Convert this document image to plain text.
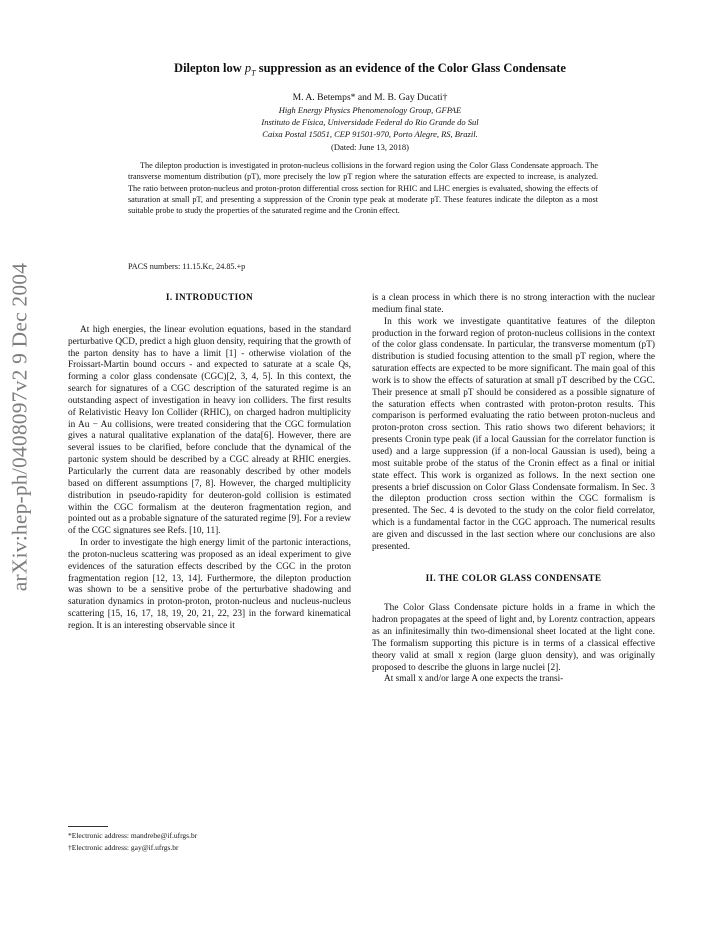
arXiv:hep-ph/0408097v2 9 Dec 2004
Dilepton low $p_T$ suppression as an evidence of the Color Glass Condensate
M. A. Betemps* and M. B. Gay Ducati†
High Energy Physics Phenomenology Group, GFPAE
Instituto de Física, Universidade Federal do Rio Grande do Sul
Caixa Postal 15051, CEP 91501-970, Porto Alegre, RS, Brazil.
(Dated: June 13, 2018)

The dilepton production is investigated in proton-nucleus collisions in the forward region using the Color Glass Condensate approach. The transverse momentum distribution (pT), more precisely the low pT region where the saturation effects are expected to increase, is analyzed. The ratio between proton-nucleus and proton-proton differential cross section for RHIC and LHC energies is evaluated, showing the effects of saturation at small pT, and presenting a suppression of the Cronin type peak at moderate pT. These features indicate the dilepton as a most suitable probe to study the properties of the saturated regime and the Cronin effect.

PACS numbers: 11.15.Kc, 24.85.+p
I. INTRODUCTION

At high energies, the linear evolution equations, based in the standard perturbative QCD, predict a high gluon density, requiring that the growth of the parton density has to have a limit [1] - otherwise violation of the Froissart-Martin bound occurs - and expected to saturate at a scale Qs, forming a color glass condensate (CGC)[2, 3, 4, 5]. In this context, the search for signatures of a CGC description of the saturated regime is an outstanding aspect of investigation in heavy ion colliders. The first results of Relativistic Heavy Ion Collider (RHIC), on charged hadron multiplicity in Au − Au collisions, were treated considering that the CGC formulation gives a natural qualitative explanation of the data[6]. However, there are several issues to be clarified, before conclude that the dynamical of the partonic system should be described by a CGC already at RHIC energies. Particularly the current data are reasonably described by other models based on different assumptions [7, 8]. However, the charged multiplicity distribution in pseudo-rapidity for deuteron-gold collision is estimated within the CGC formalism at the deuteron fragmentation region, and pointed out as a probable signature of the saturated regime [9]. For a review of the CGC signatures see Refs. [10, 11].

In order to investigate the high energy limit of the partonic interactions, the proton-nucleus scattering was proposed as an ideal experiment to give evidences of the saturation effects described by the CGC in the proton fragmentation region [12, 13, 14]. Furthermore, the dilepton production was shown to be a sensitive probe of the perturbative shadowing and saturation dynamics in proton-proton, proton-nucleus and nucleus-nucleus scattering [15, 16, 17, 18, 19, 20, 21, 22, 23] in the forward kinematical region. It is an interesting observable since it

is a clean process in which there is no strong interaction with the nuclear medium final state.

In this work we investigate quantitative features of the dilepton production in the forward region of proton-nucleus collisions in the context of the color glass condensate. In particular, the transverse momentum (pT) distribution is studied focusing attention to the small pT region, where the saturation effects are expected to be more significant. The main goal of this work is to show the effects of saturation at small pT described by the CGC. Their presence at small pT should be considered as a possible signature of the saturation effects when contrasted with proton-proton results. This comparison is performed evaluating the ratio between proton-nucleus and proton-proton cross section. This ratio shows two diferent behaviors; it presents Cronin type peak (if a local Gaussian for the correlator function is used) and a large suppression (if a non-local Gaussian is used), being a most suitable probe of the status of the Cronin effect as a final or initial state effect. This work is organized as follows. In the next section one presents a brief discussion on Color Glass Condensate formalism. In Sec. 3 the dilepton production cross section within the CGC formalism is presented. The Sec. 4 is devoted to the study on the color field correlator, which is a fundamental factor in the CGC approach. The numerical results are given and discussed in the last section where our conclusions are also presented.

II. THE COLOR GLASS CONDENSATE

The Color Glass Condensate picture holds in a frame in which the hadron propagates at the speed of light and, by Lorentz contraction, appears as an infinitesimally thin two-dimensional sheet located at the light cone. The formalism supporting this picture is in terms of a classical effective theory valid at small x region (large gluon density), and was originally proposed to describe the gluons in large nuclei [2].

At small x and/or large A one expects the transi-

*Electronic address: mandrebe@if.ufrgs.br
†Electronic address: gay@if.ufrgs.br
